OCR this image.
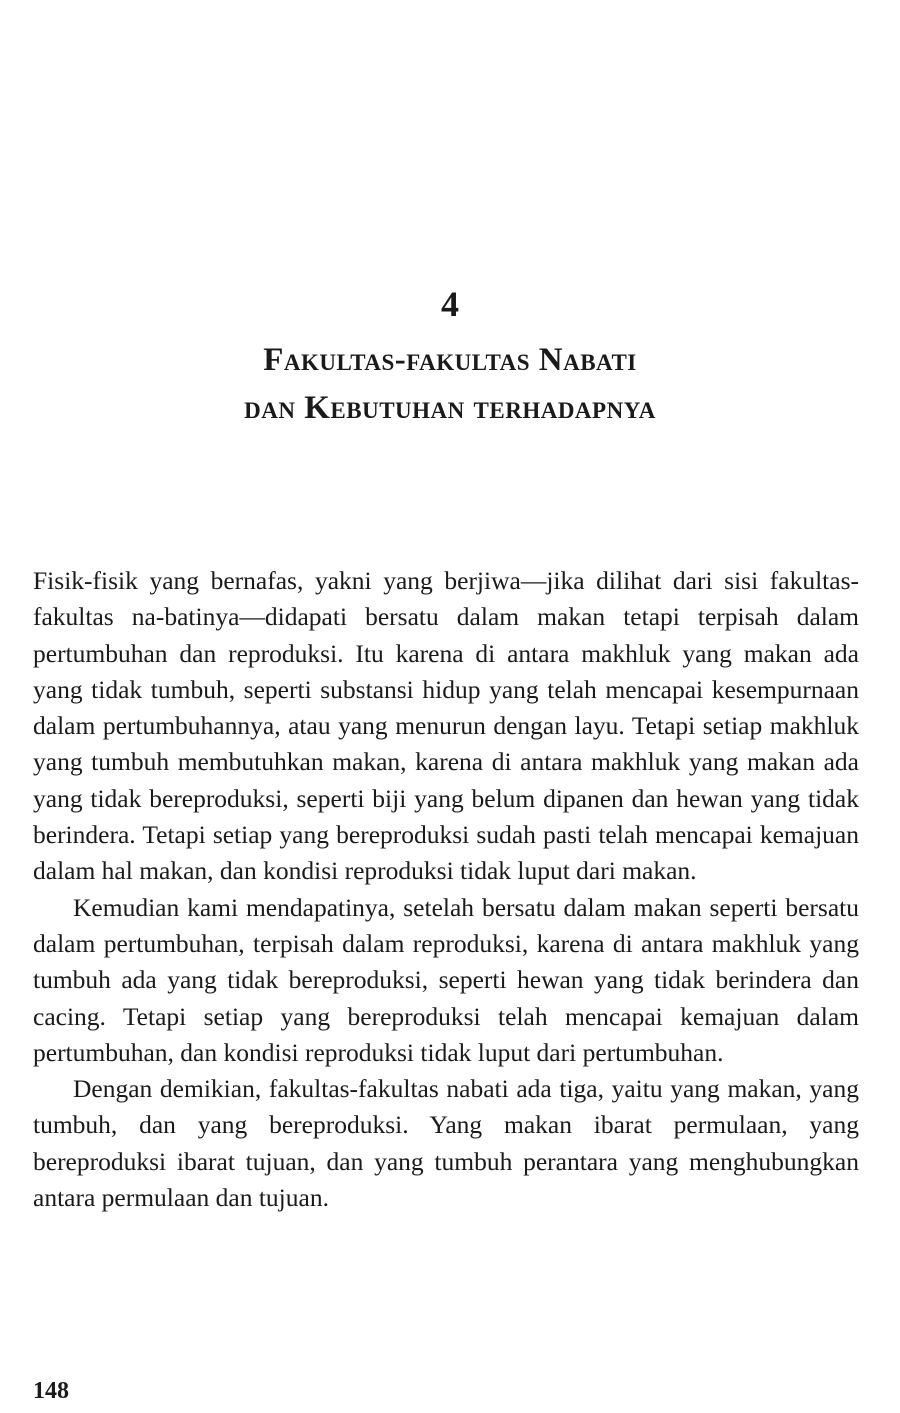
4
Fakultas-fakultas Nabati
dan Kebutuhan terhadapnya

Fisik-fisik yang bernafas, yakni yang berjiwa—jika dilihat dari sisi fakultas-fakultas na-batinya—didapati bersatu dalam makan tetapi terpisah dalam pertumbuhan dan reproduksi. Itu karena di antara makhluk yang makan ada yang tidak tumbuh, seperti substansi hidup yang telah mencapai kesempurnaan dalam pertumbuhannya, atau yang menurun dengan layu. Tetapi setiap makhluk yang tumbuh membutuhkan makan, karena di antara makhluk yang makan ada yang tidak bereproduksi, seperti biji yang belum dipanen dan hewan yang tidak berindera. Tetapi setiap yang bereproduksi sudah pasti telah mencapai kemajuan dalam hal makan, dan kondisi reproduksi tidak luput dari makan.

Kemudian kami mendapatinya, setelah bersatu dalam makan seperti bersatu dalam pertumbuhan, terpisah dalam reproduksi, karena di antara makhluk yang tumbuh ada yang tidak bereproduksi, seperti hewan yang tidak berindera dan cacing. Tetapi setiap yang bereproduksi telah mencapai kemajuan dalam pertumbuhan, dan kondisi reproduksi tidak luput dari pertumbuhan.

Dengan demikian, fakultas-fakultas nabati ada tiga, yaitu yang makan, yang tumbuh, dan yang bereproduksi. Yang makan ibarat permulaan, yang bereproduksi ibarat tujuan, dan yang tumbuh perantara yang menghubungkan antara permulaan dan tujuan.

148
